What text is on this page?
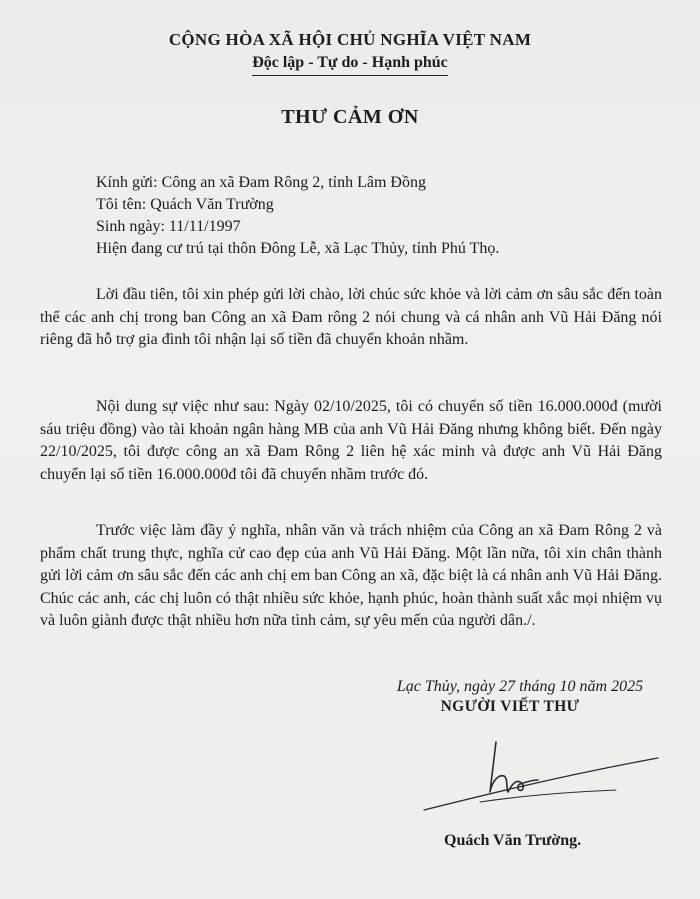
CỘNG HÒA XÃ HỘI CHỦ NGHĨA VIỆT NAM

Độc lập - Tự do - Hạnh phúc
THƯ CẢM ƠN
Kính gửi: Công an xã Đam Rông 2, tỉnh Lâm Đồng
Tôi tên: Quách Văn Trường
Sinh ngày: 11/11/1997
Hiện đang cư trú tại thôn Đông Lễ, xã Lạc Thủy, tỉnh Phú Thọ.

Lời đầu tiên, tôi xin phép gửi lời chào, lời chúc sức khỏe và lời cảm ơn sâu sắc đến toàn thể các anh chị trong ban Công an xã Đam rông 2 nói chung và cá nhân anh Vũ Hải Đăng nói riêng đã hỗ trợ gia đình tôi nhận lại số tiền đã chuyển khoản nhầm.

Nội dung sự việc như sau: Ngày 02/10/2025, tôi có chuyển số tiền 16.000.000đ (mười sáu triệu đồng) vào tài khoản ngân hàng MB của anh Vũ Hải Đăng nhưng không biết. Đến ngày 22/10/2025, tôi được công an xã Đam Rông 2 liên hệ xác minh và được anh Vũ Hải Đăng chuyển lại số tiền 16.000.000đ tôi đã chuyển nhầm trước đó.

Trước việc làm đầy ý nghĩa, nhân văn và trách nhiệm của Công an xã Đam Rông 2 và phẩm chất trung thực, nghĩa cử cao đẹp của anh Vũ Hải Đăng. Một lần nữa, tôi xin chân thành gửi lời cảm ơn sâu sắc đến các anh chị em ban Công an xã, đặc biệt là cá nhân anh Vũ Hải Đăng. Chúc các anh, các chị luôn có thật nhiều sức khỏe, hạnh phúc, hoàn thành suất xắc mọi nhiệm vụ và luôn giành được thật nhiều hơn nữa tình cảm, sự yêu mến của người dân./.

Lạc Thủy, ngày 27 tháng 10 năm 2025
NGƯỜI VIẾT THƯ
Quách Văn Trường.
